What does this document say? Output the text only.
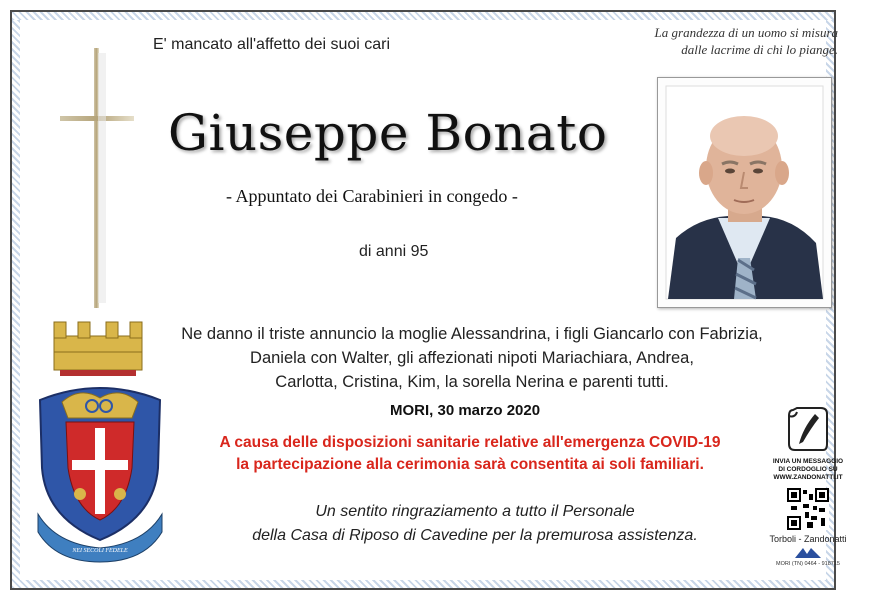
E' mancato all'affetto dei suoi cari
La grandezza di un uomo si misura
dalle lacrime di chi lo piange.
Giuseppe Bonato
- Appuntato dei Carabinieri in congedo -
di anni 95
NEI SECOLI FEDELE
Ne danno il triste annuncio la moglie Alessandrina, i figli Giancarlo con Fabrizia,
Daniela con Walter, gli affezionati nipoti Mariachiara, Andrea,
Carlotta, Cristina, Kim, la sorella Nerina e parenti tutti.
MORI, 30 marzo 2020
A causa delle disposizioni sanitarie relative all'emergenza COVID-19
la partecipazione alla cerimonia sarà consentita ai soli familiari.
Un sentito ringraziamento a tutto il Personale
della Casa di Riposo di Cavedine per la premurosa assistenza.
INVIA UN MESSAGGIO
DI CORDOGLIO SU
WWW.ZANDONATTI.IT
Torboli - Zandonatti
MORI (TN) 0464 - 918715
